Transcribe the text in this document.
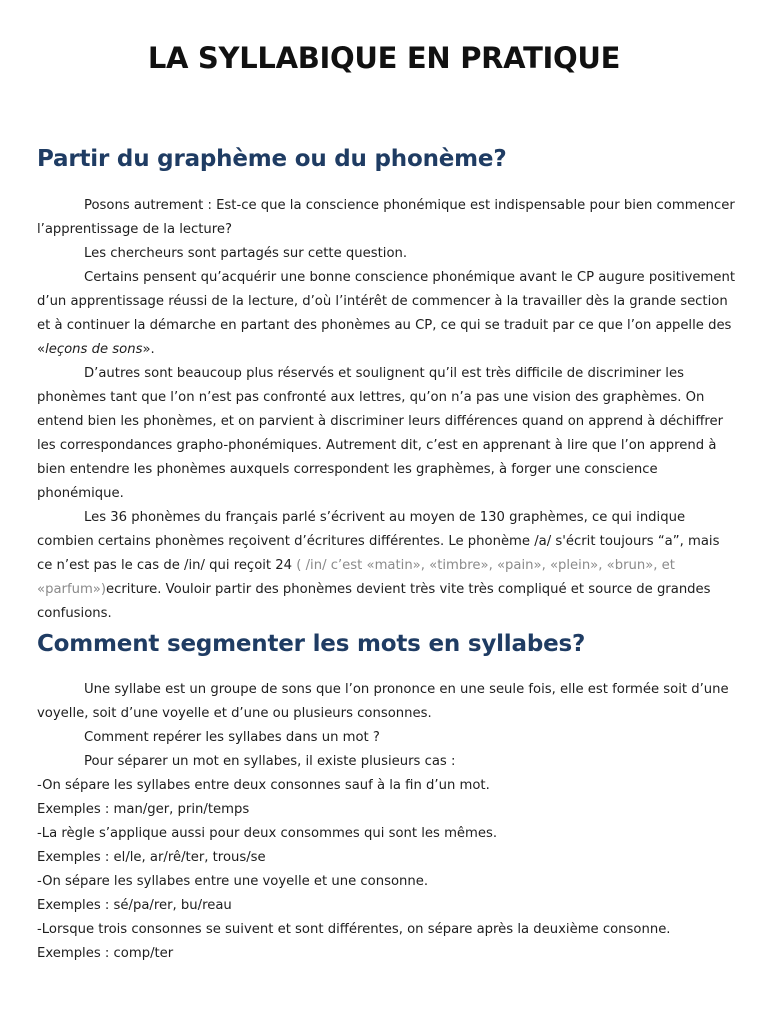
LA SYLLABIQUE EN PRATIQUE
Partir du graphème ou du phonème?

Posons autrement : Est-ce que la conscience phonémique est indispensable pour bien commencer l’apprentissage de la lecture?

Les chercheurs sont partagés sur cette question.

Certains pensent qu’acquérir une bonne conscience phonémique avant le CP augure positivement d’un apprentissage réussi de la lecture, d’où l’intérêt de commencer à la travailler dès la grande section et à continuer la démarche en partant des phonèmes au CP, ce qui se traduit par ce que l’on appelle des «leçons de sons».

D’autres sont beaucoup plus réservés et soulignent qu’il est très difficile de discriminer les phonèmes tant que l’on n’est pas confronté aux lettres, qu’on n’a pas une vision des graphèmes. On entend bien les phonèmes, et on parvient à discriminer leurs différences quand on apprend à déchiffrer les correspondances grapho-phonémiques. Autrement dit, c’est en apprenant à lire que l’on apprend à bien entendre les phonèmes auxquels correspondent les graphèmes, à forger une conscience phonémique.

Les 36 phonèmes du français parlé s’écrivent au moyen de 130 graphèmes, ce qui indique combien certains phonèmes reçoivent d’écritures différentes. Le phonème /a/ s'écrit toujours “a”, mais ce n’est pas le cas de /in/ qui reçoit 24 ( /in/ c’est «matin», «timbre», «pain», «plein», «brun», et «parfum»)ecriture. Vouloir partir des phonèmes devient très vite très compliqué et source de grandes confusions.

Comment segmenter les mots en syllabes?

Une syllabe est un groupe de sons que l’on prononce en une seule fois, elle est formée soit d’une voyelle, soit d’une voyelle et d’une ou plusieurs consonnes.

Comment repérer les syllabes dans un mot ?

Pour séparer un mot en syllabes, il existe plusieurs cas :

-On sépare les syllabes entre deux consonnes sauf à la fin d’un mot.

Exemples : man/ger, prin/temps

-La règle s’applique aussi pour deux consommes qui sont les mêmes.

Exemples : el/le, ar/rê/ter, trous/se

-On sépare les syllabes entre une voyelle et une consonne.

Exemples : sé/pa/rer, bu/reau

-Lorsque trois consonnes se suivent et sont différentes, on sépare après la deuxième consonne.

Exemples : comp/ter
